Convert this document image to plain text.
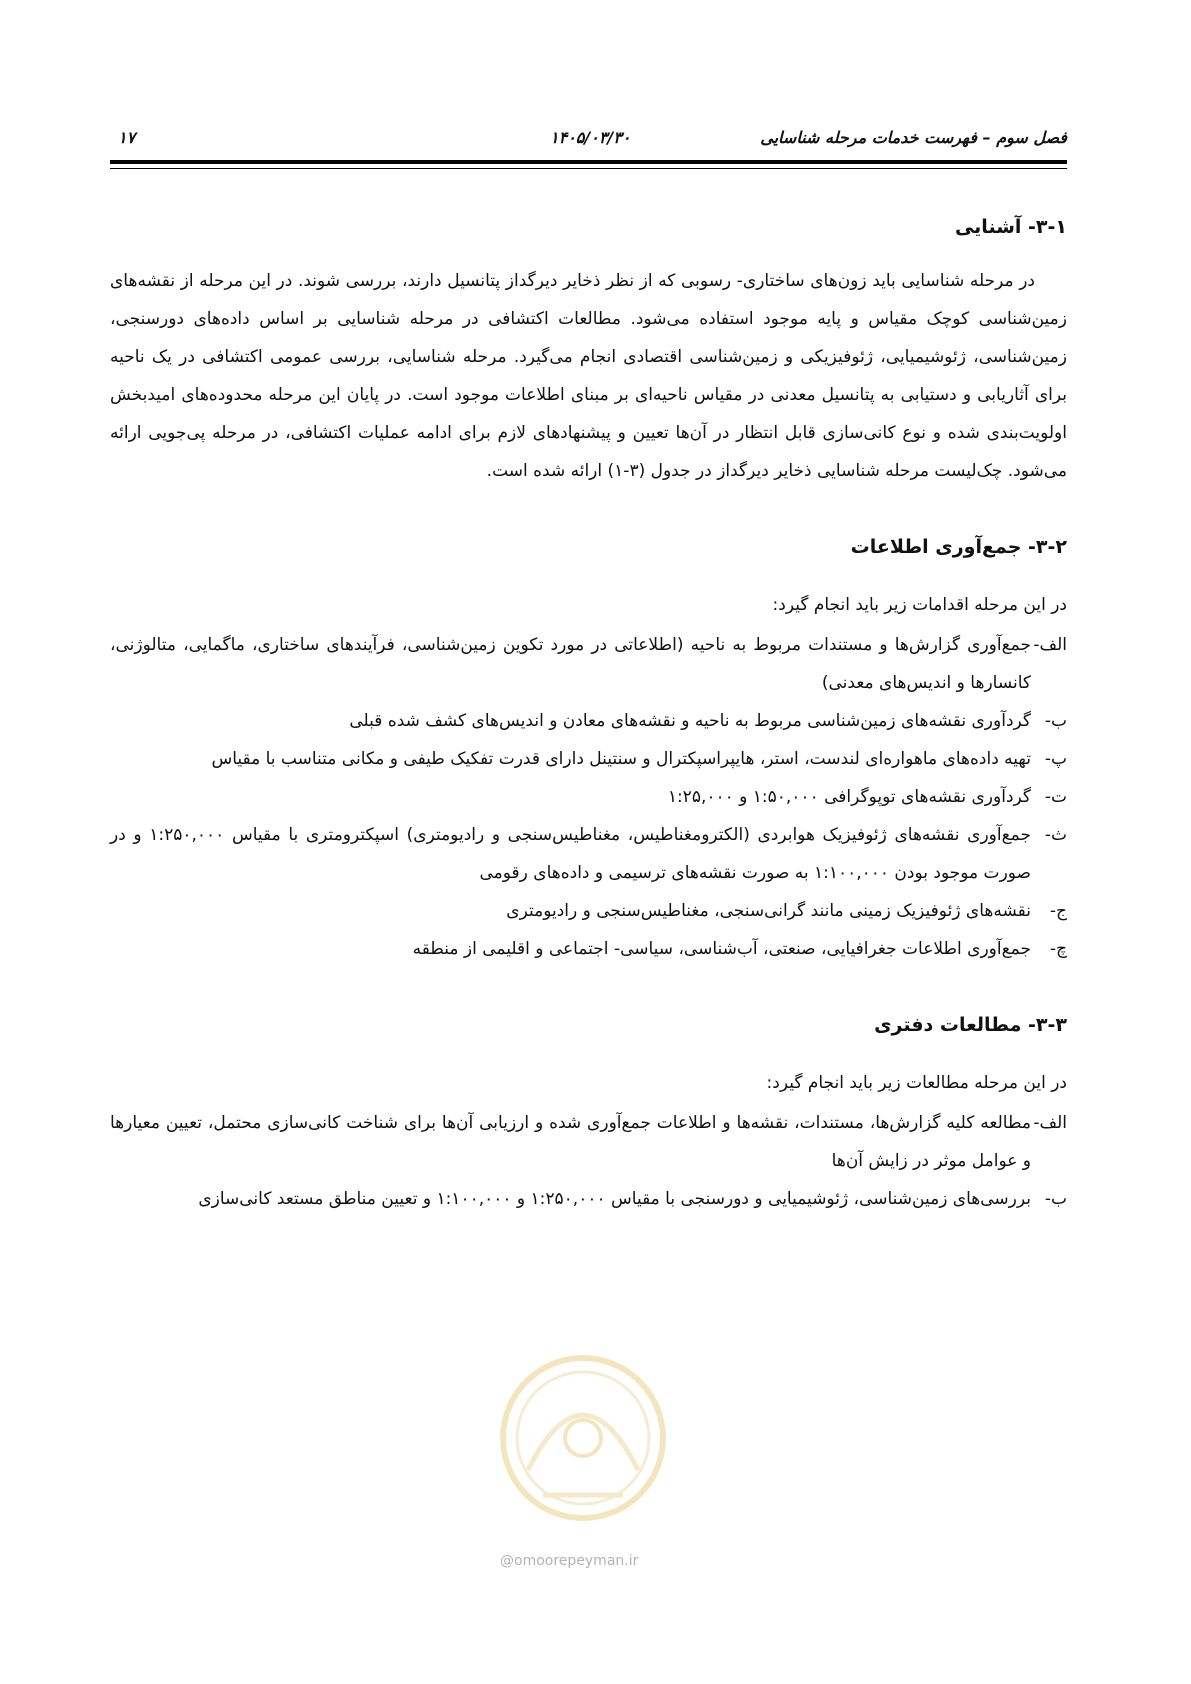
فصل سوم – فهرست خدمات مرحله شناسایی
۱۴۰۵/۰۳/۳۰
۱۷
۳-۱- آشنایی

در مرحله شناسایی باید زون‌های ساختاری- رسوبی که از نظر ذخایر دیرگداز پتانسیل دارند، بررسی شوند. در این مرحله از نقشه‌های زمین‌شناسی کوچک مقیاس و پایه موجود استفاده می‌شود. مطالعات اکتشافی در مرحله شناسایی بر اساس داده‌های دورسنجی، زمین‌شناسی، ژئوشیمیایی، ژئوفیزیکی و زمین‌شناسی اقتصادی انجام می‌گیرد. مرحله شناسایی، بررسی عمومی اکتشافی در یک ناحیه برای آثاریابی و دستیابی به پتانسیل معدنی در مقیاس ناحیه‌ای بر مبنای اطلاعات موجود است. در پایان این مرحله محدوده‌های امیدبخش اولویت‌بندی شده و نوع کانی‌سازی قابل انتظار در آن‌ها تعیین و پیشنهادهای لازم برای ادامه عملیات اکتشافی، در مرحله پی‌جویی ارائه می‌شود. چک‌لیست مرحله شناسایی ذخایر دیرگداز در جدول (۳-۱) ارائه شده است.

۳-۲- جمع‌آوری اطلاعات
در این مرحله اقدامات زیر باید انجام گیرد:
الف-
جمع‌آوری گزارش‌ها و مستندات مربوط به ناحیه (اطلاعاتی در مورد تکوین زمین‌شناسی، فرآیندهای ساختاری، ماگمایی، متالوژنی، کانسارها و اندیس‌های معدنی)
ب-
گردآوری نقشه‌های زمین‌شناسی مربوط به ناحیه و نقشه‌های معادن و اندیس‌های کشف شده قبلی
پ-
تهیه داده‌های ماهواره‌ای لندست، استر، هایپراسپکترال و سنتینل دارای قدرت تفکیک طیفی و مکانی متناسب با مقیاس
ت-
گردآوری نقشه‌های توپوگرافی ۱:۵۰,۰۰۰ و ۱:۲۵,۰۰۰
ث-
جمع‌آوری نقشه‌های ژئوفیزیک هوابردی (الکترومغناطیس، مغناطیس‌سنجی و رادیومتری) اسپکترومتری با مقیاس ۱:۲۵۰,۰۰۰ و در صورت موجود بودن ۱:۱۰۰,۰۰۰ به صورت نقشه‌های ترسیمی و داده‌های رقومی
ج-
نقشه‌های ژئوفیزیک زمینی مانند گرانی‌سنجی، مغناطیس‌سنجی و رادیومتری
چ-
جمع‌آوری اطلاعات جغرافیایی، صنعتی، آب‌شناسی، سیاسی- اجتماعی و اقلیمی از منطقه
۳-۳- مطالعات دفتری
در این مرحله مطالعات زیر باید انجام گیرد:
الف-
مطالعه کلیه گزارش‌ها، مستندات، نقشه‌ها و اطلاعات جمع‌آوری شده و ارزیابی آن‌ها برای شناخت کانی‌سازی محتمل، تعیین معیارها و عوامل موثر در زایش آن‌ها
ب-
بررسی‌های زمین‌شناسی، ژئوشیمیایی و دورسنجی با مقیاس ۱:۲۵۰,۰۰۰ و ۱:۱۰۰,۰۰۰ و تعیین مناطق مستعد کانی‌سازی
@omoorepeyman.ir
